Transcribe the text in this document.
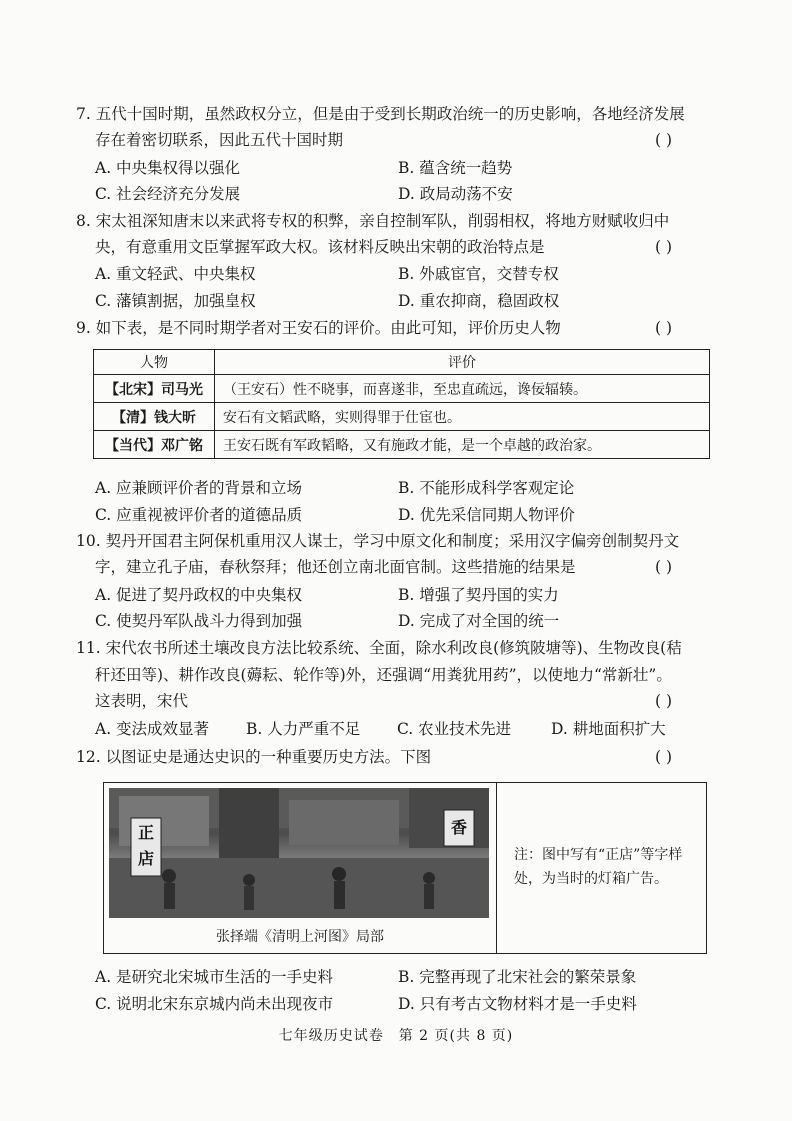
7. 五代十国时期，虽然政权分立，但是由于受到长期政治统一的历史影响，各地经济发展
存在着密切联系，因此五代十国时期	( )
A. 中央集权得以强化	B. 蕴含统一趋势
C. 社会经济充分发展	D. 政局动荡不安
8. 宋太祖深知唐末以来武将专权的积弊，亲自控制军队，削弱相权，将地方财赋收归中
央，有意重用文臣掌握军政大权。该材料反映出宋朝的政治特点是	( )
A. 重文轻武、中央集权	B. 外戚宦官，交替专权
C. 藩镇割据，加强皇权	D. 重农抑商，稳固政权
9. 如下表，是不同时期学者对王安石的评价。由此可知，评价历史人物	( )
人物	评价
【北宋】司马光	（王安石）性不晓事，而喜遂非，至忠直疏远，谗佞辐辏。
【清】钱大昕	安石有文韬武略，实则得罪于仕宦也。
【当代】邓广铭	王安石既有军政韬略，又有施政才能，是一个卓越的政治家。
A. 应兼顾评价者的背景和立场	B. 不能形成科学客观定论
C. 应重视被评价者的道德品质	D. 优先采信同期人物评价
10. 契丹开国君主阿保机重用汉人谋士，学习中原文化和制度；采用汉字偏旁创制契丹文
字，建立孔子庙，春秋祭拜；他还创立南北面官制。这些措施的结果是	( )
A. 促进了契丹政权的中央集权	B. 增强了契丹国的实力
C. 使契丹军队战斗力得到加强	D. 完成了对全国的统一
11. 宋代农书所述土壤改良方法比较系统、全面，除水利改良(修筑陂塘等)、生物改良(秸
秆还田等)、耕作改良(薅耘、轮作等)外，还强调“用粪犹用药”，以使地力“常新壮”。
这表明，宋代	( )
A. 变法成效显著 B. 人力严重不足 C. 农业技术先进	D. 耕地面积扩大
12. 以图证史是通达史识的一种重要历史方法。下图	( )
正店
香
张择端《清明上河图》局部
注：图中写有“正店”等字样处，为当时的灯箱广告。
A. 是研究北宋城市生活的一手史料	B. 完整再现了北宋社会的繁荣景象
C. 说明北宋东京城内尚未出现夜市	D. 只有考古文物材料才是一手史料
七年级历史试卷　第 2 页(共 8 页)
